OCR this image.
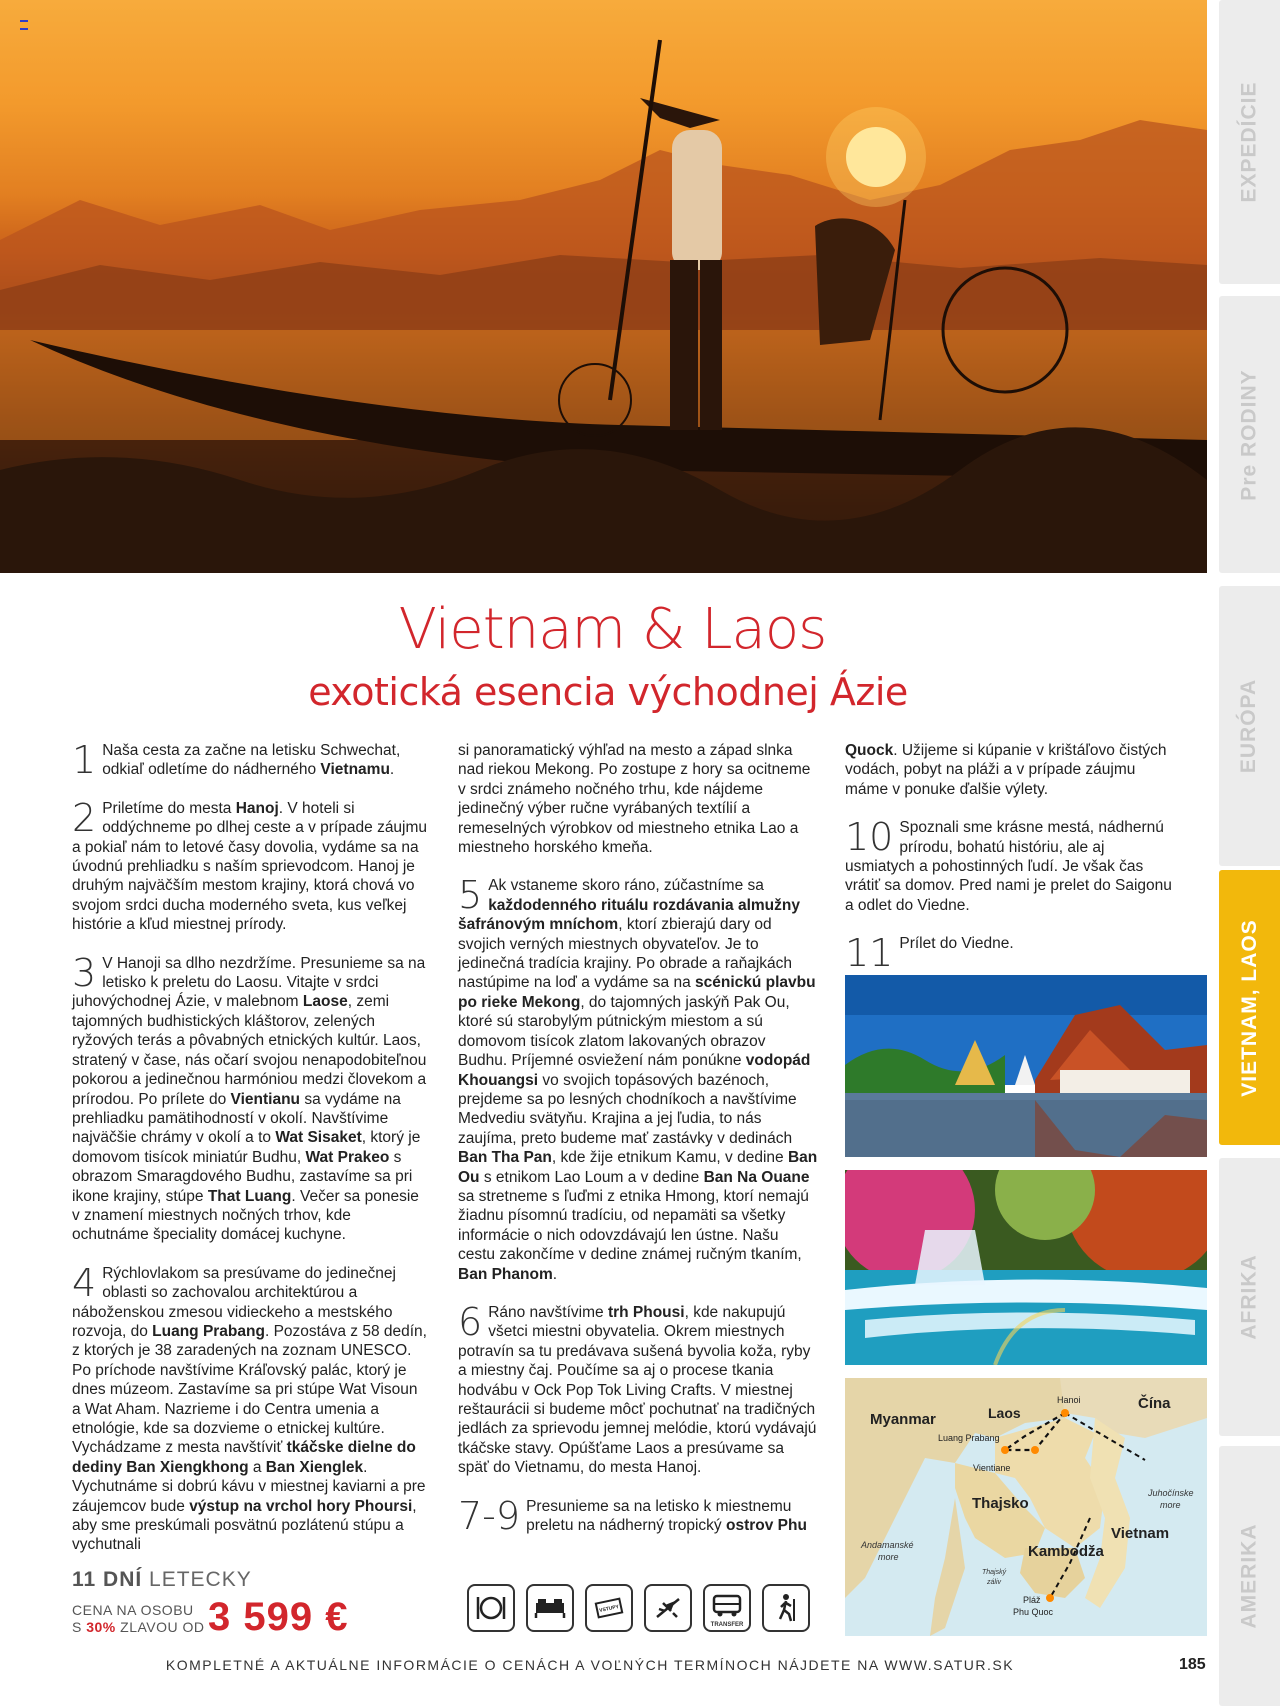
EXPEDÍCIE
Pre RODINY
EURÓPA
VIETNAM, LAOS
AFRIKA
AMERIKA
Vietnam & Laos
exotická esencia východnej Ázie

1 Naša cesta za začne na letisku Schwechat, odkiaľ odletíme do nádherného Vietnamu.

2 Priletíme do mesta Hanoj. V hoteli si oddýchneme po dlhej ceste a v prípade záujmu a pokiaľ nám to letové časy dovolia, vydáme sa na úvodnú prehliadku s naším sprievodcom. Hanoj je druhým najväčším mestom krajiny, ktorá chová vo svojom srdci ducha moderného sveta, kus veľkej histórie a kľud miestnej prírody.

3 V Hanoji sa dlho nezdržíme. Presunieme sa na letisko k preletu do Laosu. Vitajte v srdci juhovýchodnej Ázie, v malebnom Laose, zemi tajomných budhistických kláštorov, zelených ryžových terás a pôvabných etnických kultúr. Laos, stratený v čase, nás očarí svojou nenapodobiteľnou pokorou a jedinečnou harmóniou medzi človekom a prírodou. Po prílete do Vientianu sa vydáme na prehliadku pamätihodností v okolí. Navštívime najväčšie chrámy v okolí a to Wat Sisaket, ktorý je domovom tisícok miniatúr Budhu, Wat Prakeo s obrazom Smaragdového Budhu, zastavíme sa pri ikone krajiny, stúpe That Luang. Večer sa ponesie v znamení miestnych nočných trhov, kde ochutnáme špeciality domácej kuchyne.

4 Rýchlovlakom sa presúvame do jedinečnej oblasti so zachovalou architektúrou a náboženskou zmesou vidieckeho a mestského rozvoja, do Luang Prabang. Pozostáva z 58 dedín, z ktorých je 38 zaradených na zoznam UNESCO. Po príchode navštívime Kráľovský palác, ktorý je dnes múzeom. Zastavíme sa pri stúpe Wat Visoun a Wat Aham. Nazrieme i do Centra umenia a etnológie, kde sa dozvieme o etnickej kultúre. Vychádzame z mesta navštíviť tkáčske dielne do dediny Ban Xiengkhong a Ban Xienglek. Vychutnáme si dobrú kávu v miestnej kaviarni a pre záujemcov bude výstup na vrchol hory Phoursi, aby sme preskúmali posvätnú pozlátenú stúpu a vychutnali

si panoramatický výhľad na mesto a západ slnka nad riekou Mekong. Po zostupe z hory sa ocitneme v srdci známeho nočného trhu, kde nájdeme jedinečný výber ručne vyrábaných textílií a remeselných výrobkov od miestneho etnika Lao a miestneho horského kmeňa.

5 Ak vstaneme skoro ráno, zúčastníme sa každodenného rituálu rozdávania almužny šafránovým mníchom, ktorí zbierajú dary od svojich verných miestnych obyvateľov. Je to jedinečná tradícia krajiny. Po obrade a raňajkách nastúpime na loď a vydáme sa na scénickú plavbu po rieke Mekong, do tajomných jaskýň Pak Ou, ktoré sú starobylým pútnickým miestom a sú domovom tisícok zlatom lakovaných obrazov Budhu. Príjemné osviežení nám ponúkne vodopád Khouangsi vo svojich topásových bazénoch, prejdeme sa po lesných chodníkoch a navštívime Medvediu svätyňu. Krajina a jej ľudia, to nás zaujíma, preto budeme mať zastávky v dedinách Ban Tha Pan, kde žije etnikum Kamu, v dedine Ban Ou s etnikom Lao Loum a v dedine Ban Na Ouane sa stretneme s ľuďmi z etnika Hmong, ktorí nemajú žiadnu písomnú tradíciu, od nepamäti sa všetky informácie o nich odovzdávajú len ústne. Našu cestu zakončíme v dedine známej ručným tkaním, Ban Phanom.

6 Ráno navštívime trh Phousi, kde nakupujú všetci miestni obyvatelia. Okrem miestnych potravín sa tu predávava sušená byvolia koža, ryby a miestny čaj. Poučíme sa aj o procese tkania hodvábu v Ock Pop Tok Living Crafts. V miestnej reštaurácii si budeme môcť pochutnať na tradičných jedlách za sprievodu jemnej melódie, ktorú vydávajú tkáčske stavy. Opúšťame Laos a presúvame sa späť do Vietnamu, do mesta Hanoj.

7-9 Presunieme sa na letisko k miestnemu preletu na nádherný tropický ostrov Phu

Quock. Užijeme si kúpanie v krištáľovo čistých vodách, pobyt na pláži a v prípade záujmu máme v ponuke ďalšie výlety.

10 Spoznali sme krásne mestá, nádhernú prírodu, bohatú históriu, ale aj usmiatych a pohostinných ľudí. Je však čas vrátiť sa domov. Pred nami je prelet do Saigonu a odlet do Viedne.

11 Prílet do Viedne.

Myanmar	Laos
Čína
Hanoi
Luang Prabang
Vientiane
Thajsko
Juhočínske
more
Andamanské
more
Vietnam
Kambodža
Thajský
záliv
Pláž
Phu Quoc
11 DNÍ LETECKY
CENA NA OSOBU
S 30% ZLAVOU OD 3 599 €	VSTUPY
TRANSFER
KOMPLETNÉ A AKTUÁLNE INFORMÁCIE O CENÁCH A VOĽNÝCH TERMÍNOCH NÁJDETE NA WWW.SATUR.SK	185
